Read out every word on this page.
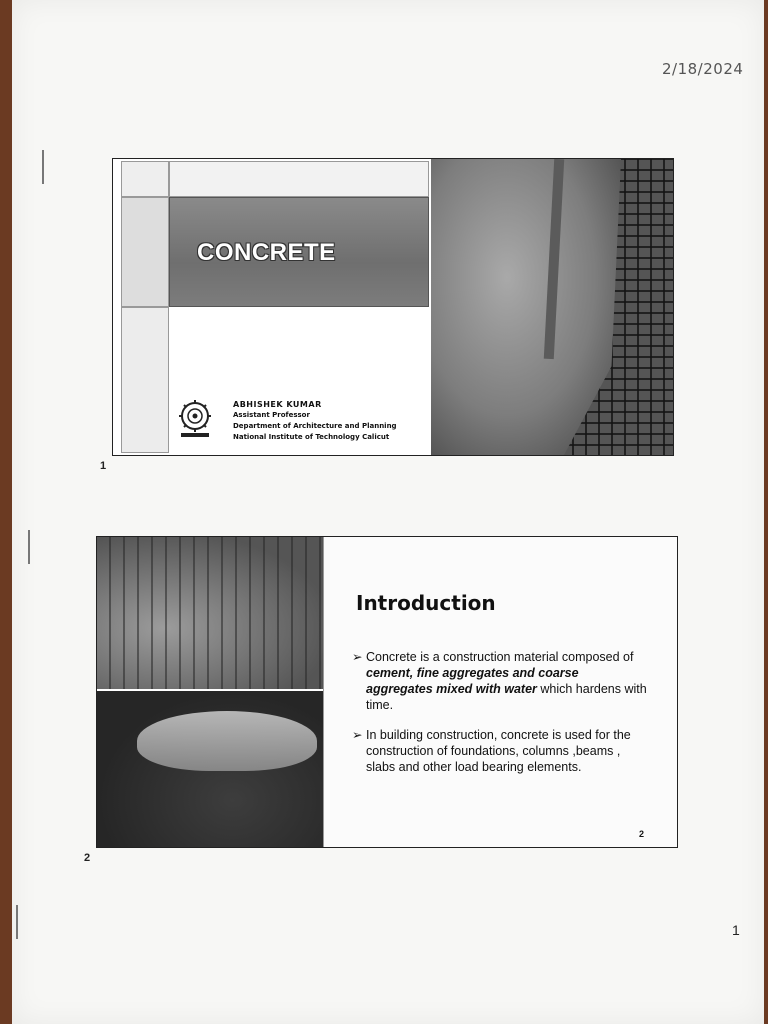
2/18/2024
CONCRETE
ABHISHEK KUMAR
Assistant Professor
Department of Architecture and Planning
National Institute of Technology Calicut
1
Introduction
➢ Concrete is a construction material composed of cement, fine aggregates and coarse aggregates mixed with water which hardens with time.
➢ In building construction, concrete is used for the construction of foundations, columns ,beams , slabs and other load bearing elements.
2
2
1
